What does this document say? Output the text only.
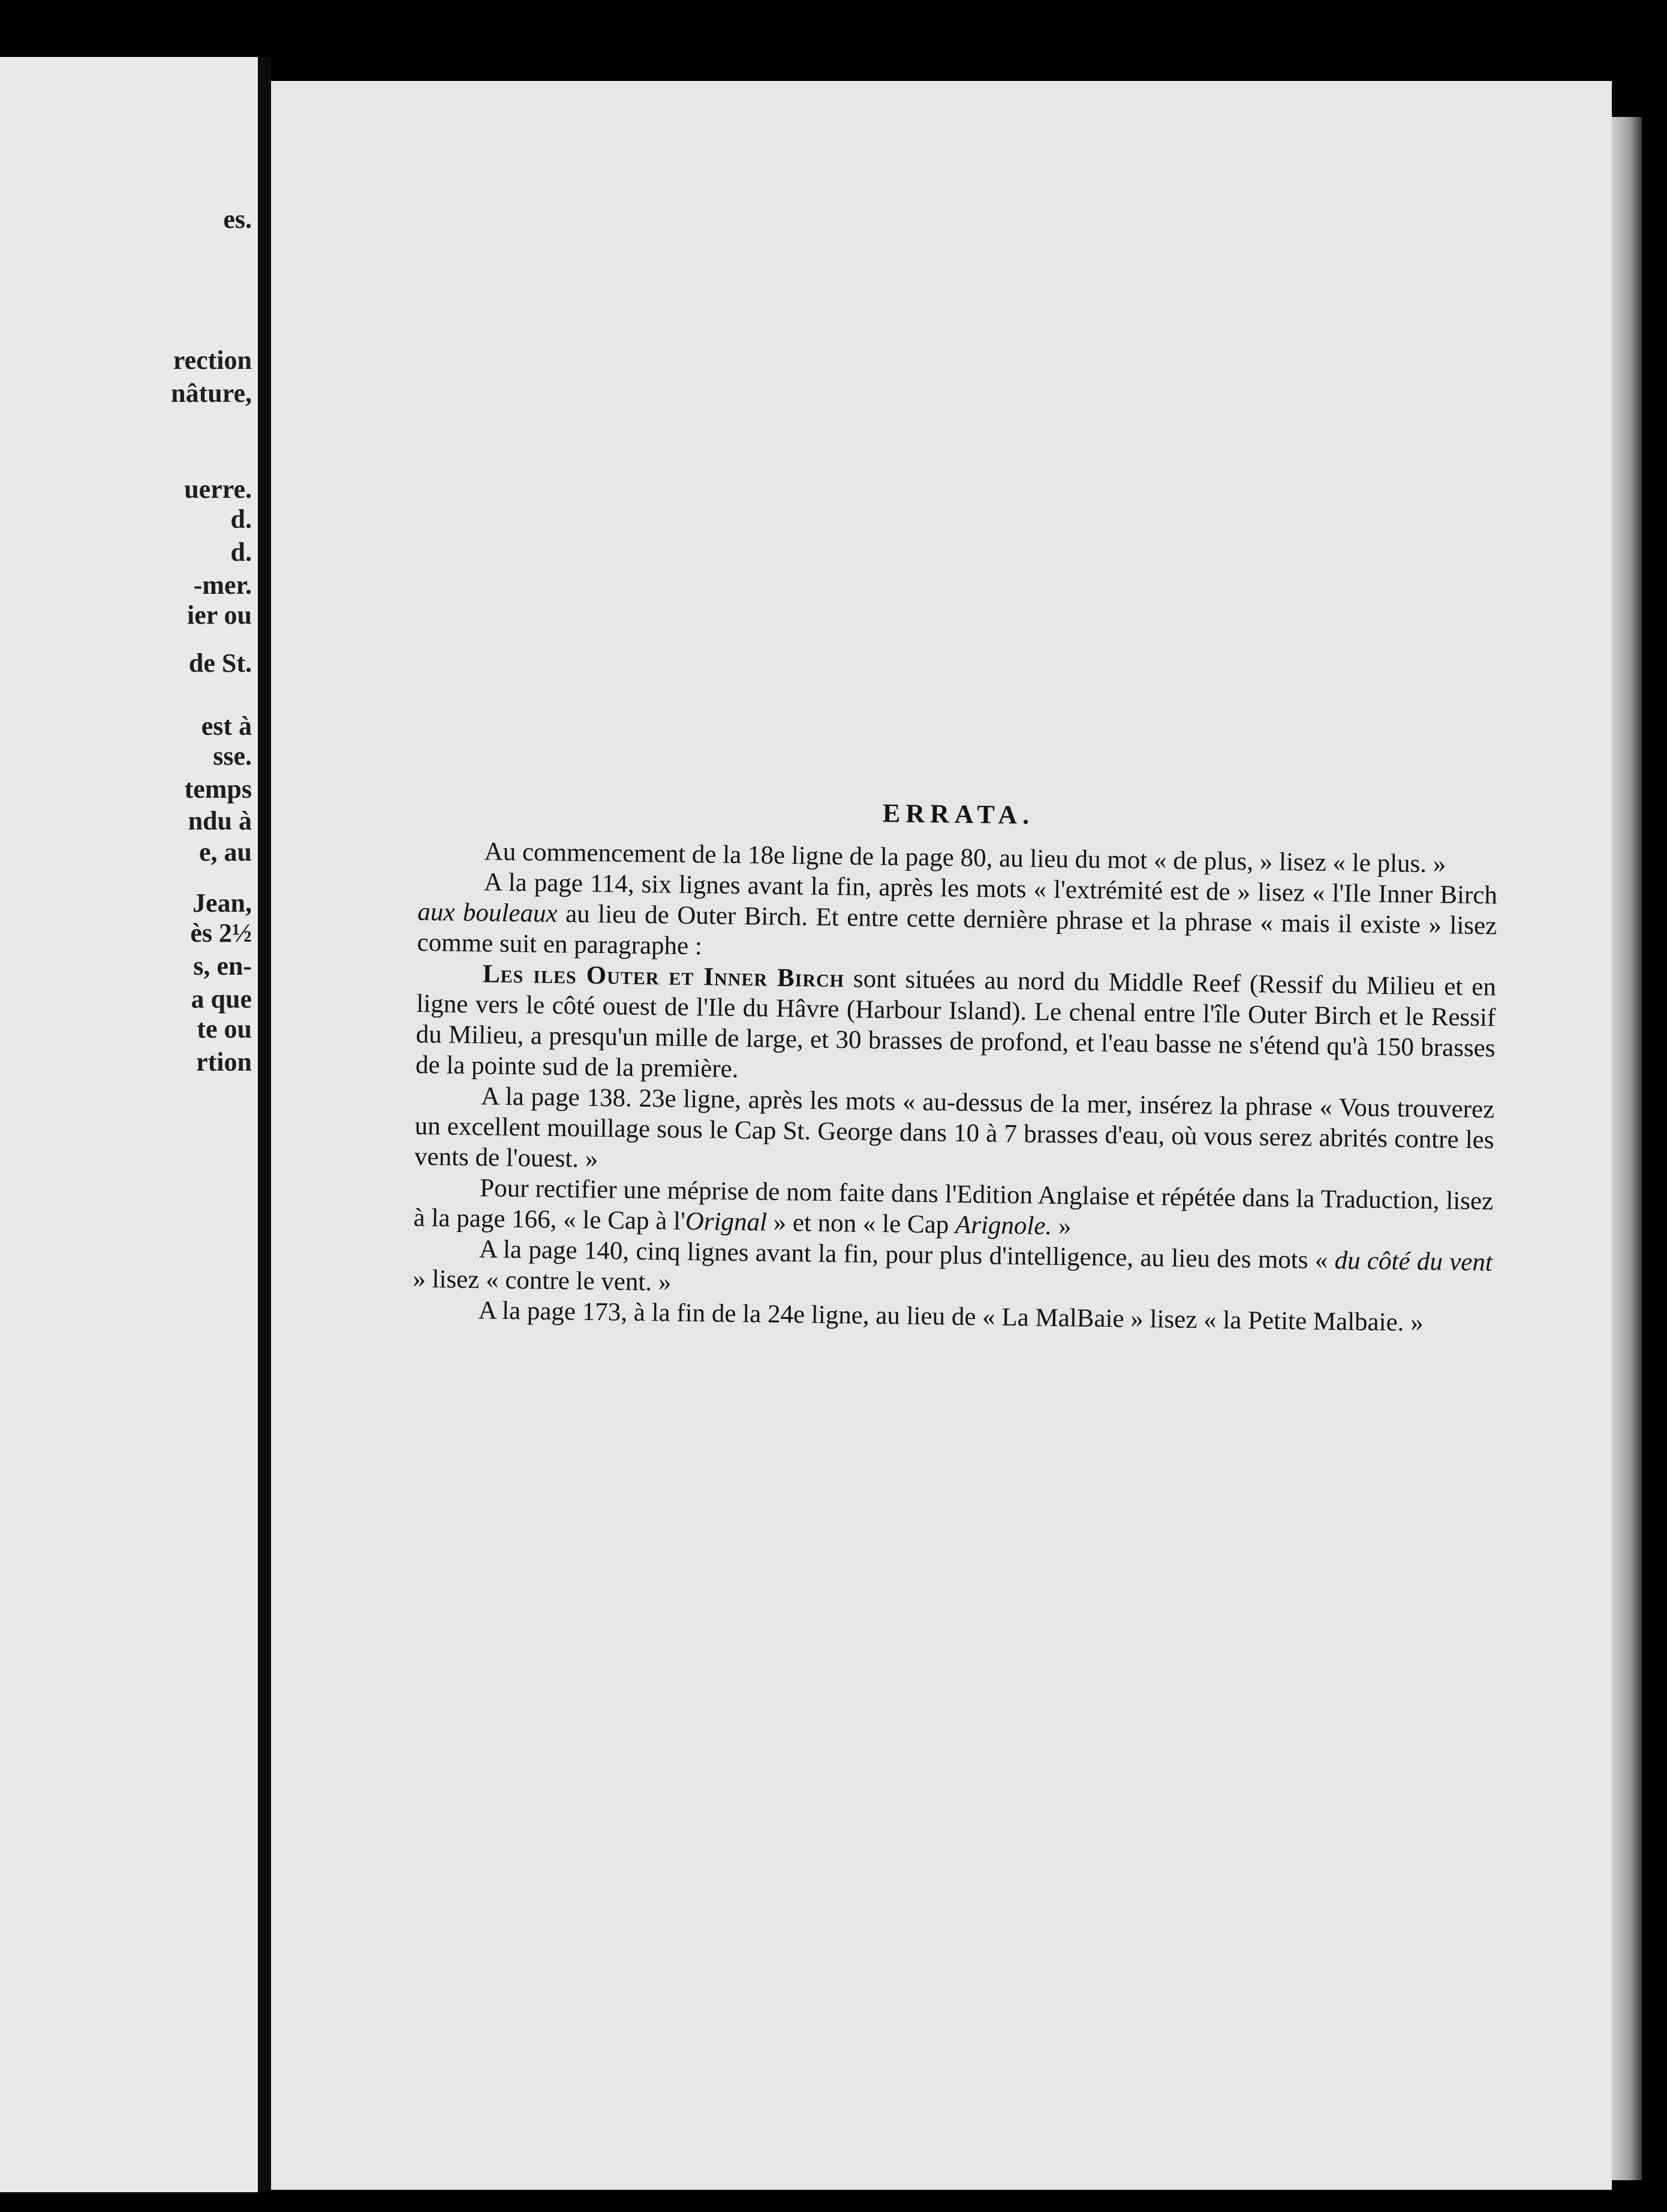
es.
rection
nâture,
uerre.
d.
d.
-mer.
ier ou
de St.
est à
sse.
temps
ndu à
e, au
Jean,
ès 2½
s, en-
a que
te ou
rtion
ERRATA.

Au commencement de la 18e ligne de la page 80, au lieu du mot « de plus, » lisez « le plus. »

A la page 114, six lignes avant la fin, après les mots « l'extrémité est de » lisez « l'Ile Inner Birch aux bouleaux au lieu de Outer Birch. Et entre cette dernière phrase et la phrase « mais il existe » lisez comme suit en paragraphe :

Les iles Outer et Inner Birch sont situées au nord du Middle Reef (Ressif du Milieu et en ligne vers le côté ouest de l'Ile du Hâvre (Harbour Island). Le chenal entre l'île Outer Birch et le Ressif du Milieu, a presqu'un mille de large, et 30 brasses de profond, et l'eau basse ne s'étend qu'à 150 brasses de la pointe sud de la première.

A la page 138. 23e ligne, après les mots « au-dessus de la mer, insérez la phrase « Vous trouverez un excellent mouillage sous le Cap St. George dans 10 à 7 brasses d'eau, où vous serez abrités contre les vents de l'ouest. »

Pour rectifier une méprise de nom faite dans l'Edition Anglaise et répétée dans la Traduction, lisez à la page 166, « le Cap à l'Orignal » et non « le Cap Arignole. »

A la page 140, cinq lignes avant la fin, pour plus d'intelligence, au lieu des mots « du côté du vent » lisez « contre le vent. »

A la page 173, à la fin de la 24e ligne, au lieu de « La MalBaie » lisez « la Petite Malbaie. »
